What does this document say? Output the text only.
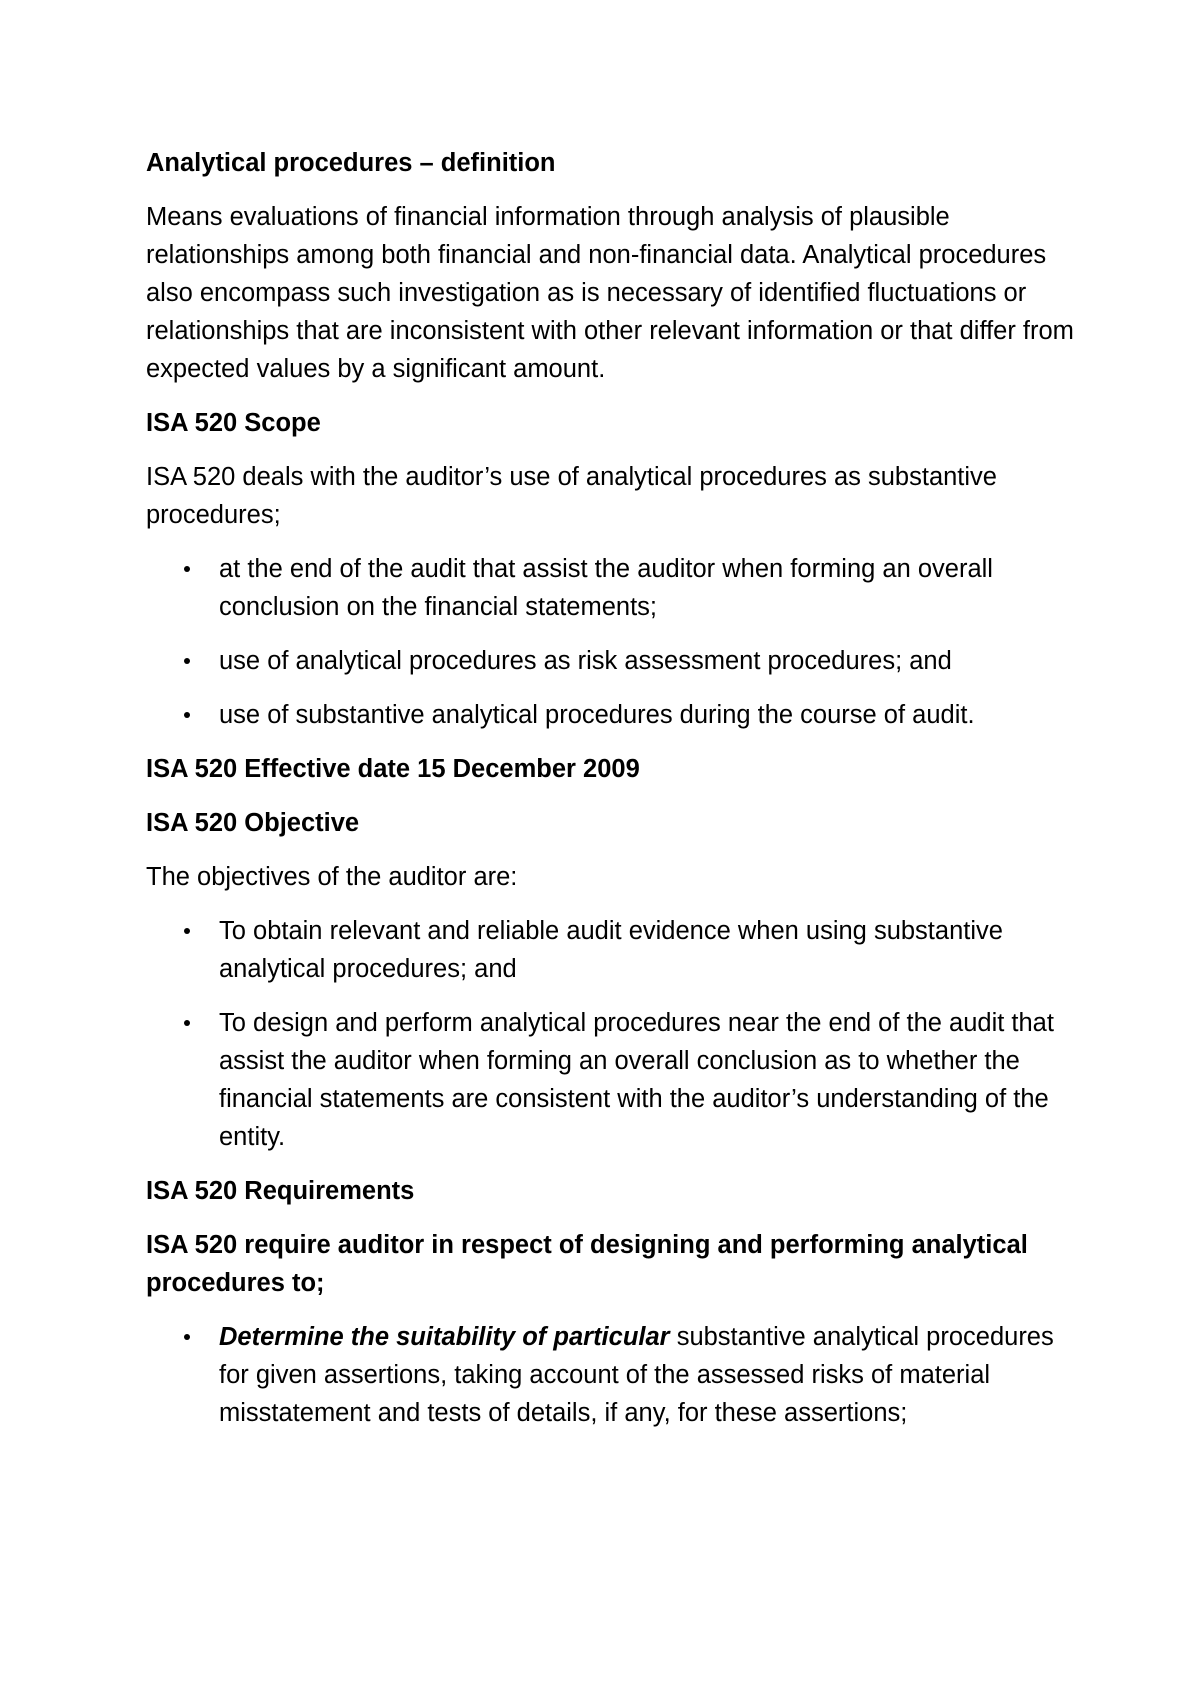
Analytical procedures – definition

Means evaluations of financial information through analysis of plausible relationships among both financial and non-financial data. Analytical procedures also encompass such investigation as is necessary of identified fluctuations or relationships that are inconsistent with other relevant information or that differ from expected values by a significant amount.

ISA 520 Scope

ISA 520 deals with the auditor’s use of analytical procedures as substantive procedures;

at the end of the audit that assist the auditor when forming an overall conclusion on the financial statements;
use of analytical procedures as risk assessment procedures; and
use of substantive analytical procedures during the course of audit.

ISA 520 Effective date 15 December 2009

ISA 520 Objective

The objectives of the auditor are:

To obtain relevant and reliable audit evidence when using substantive analytical procedures; and
To design and perform analytical procedures near the end of the audit that assist the auditor when forming an overall conclusion as to whether the financial statements are consistent with the auditor’s understanding of the entity.

ISA 520 Requirements

ISA 520 require auditor in respect of designing and performing analytical procedures to;

Determine the suitability of particular substantive analytical procedures for given assertions, taking account of the assessed risks of material misstatement and tests of details, if any, for these assertions;
